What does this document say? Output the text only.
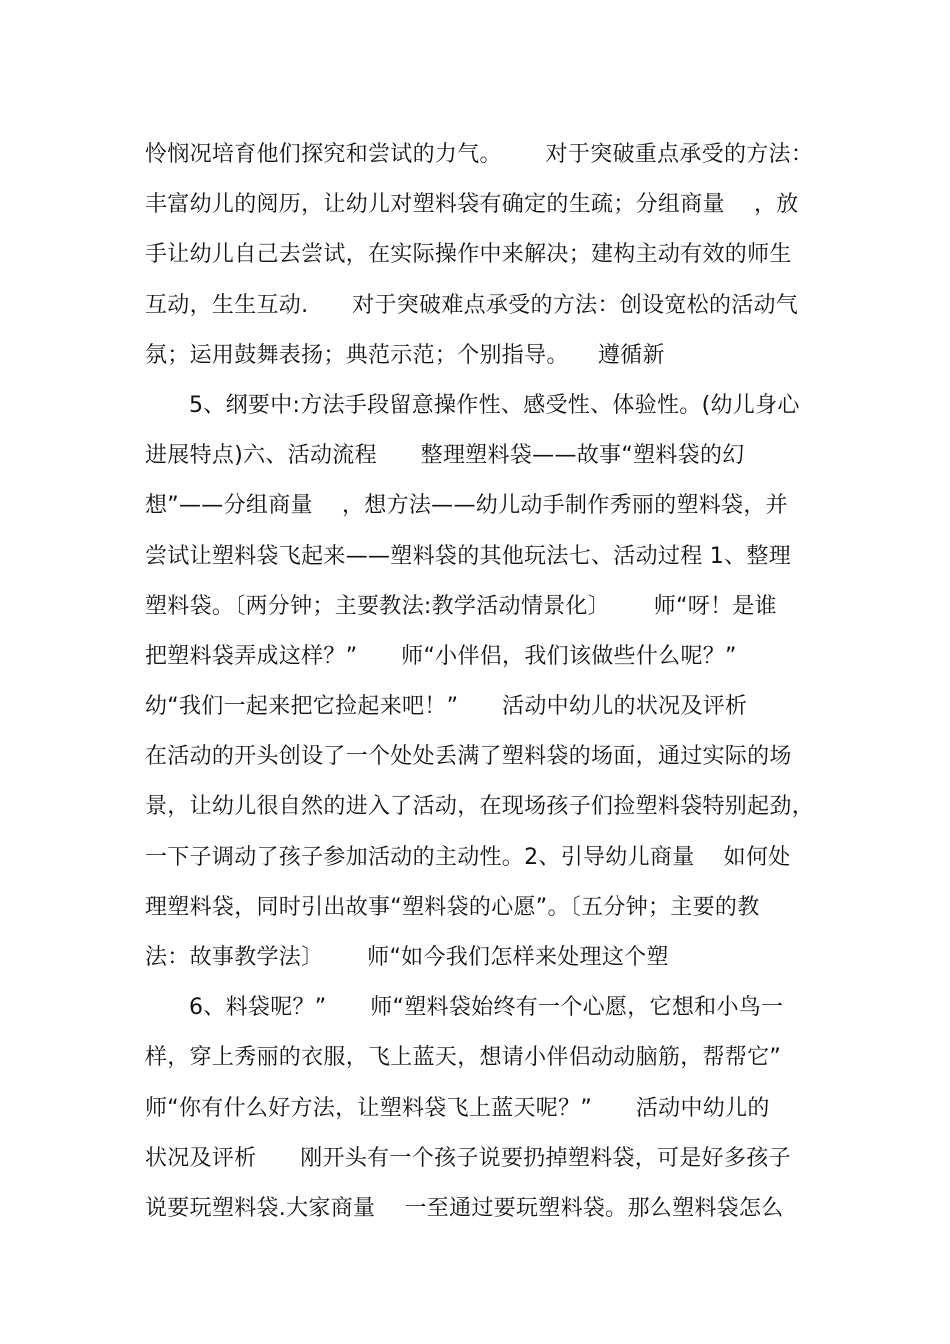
怜悯况培育他们探究和尝试的力气。      对于突破重点承受的方法：
丰富幼儿的阅历，让幼儿对塑料袋有确定的生疏；分组商量    ，放
手让幼儿自己去尝试，在实际操作中来解决；建构主动有效的师生
互动，生生互动.      对于突破难点承受的方法：创设宽松的活动气
氛；运用鼓舞表扬；典范示范；个别指导。    遵循新
5、纲要中:方法手段留意操作性、感受性、体验性。(幼儿身心
进展特点)六、活动流程      整理塑料袋——故事“塑料袋的幻
想”——分组商量    ，想方法——幼儿动手制作秀丽的塑料袋，并
尝试让塑料袋飞起来——塑料袋的其他玩法七、活动过程 1、整理
塑料袋。〔两分钟；主要教法:教学活动情景化〕      师“呀！是谁
把塑料袋弄成这样？”      师“小伴侣，我们该做些什么呢？”
幼“我们一起来把它捡起来吧！”      活动中幼儿的状况及评析
在活动的开头创设了一个处处丢满了塑料袋的场面，通过实际的场
景，让幼儿很自然的进入了活动，在现场孩子们捡塑料袋特别起劲，
一下子调动了孩子参加活动的主动性。2、引导幼儿商量    如何处
理塑料袋，同时引出故事“塑料袋的心愿”。〔五分钟；主要的教
法：故事教学法〕      师“如今我们怎样来处理这个塑
6、料袋呢？”      师“塑料袋始终有一个心愿，它想和小鸟一
样，穿上秀丽的衣服，飞上蓝天，想请小伴侣动动脑筋，帮帮它”
师“你有什么好方法，让塑料袋飞上蓝天呢？”      活动中幼儿的
状况及评析      刚开头有一个孩子说要扔掉塑料袋，可是好多孩子
说要玩塑料袋.大家商量    一至通过要玩塑料袋。那么塑料袋怎么
